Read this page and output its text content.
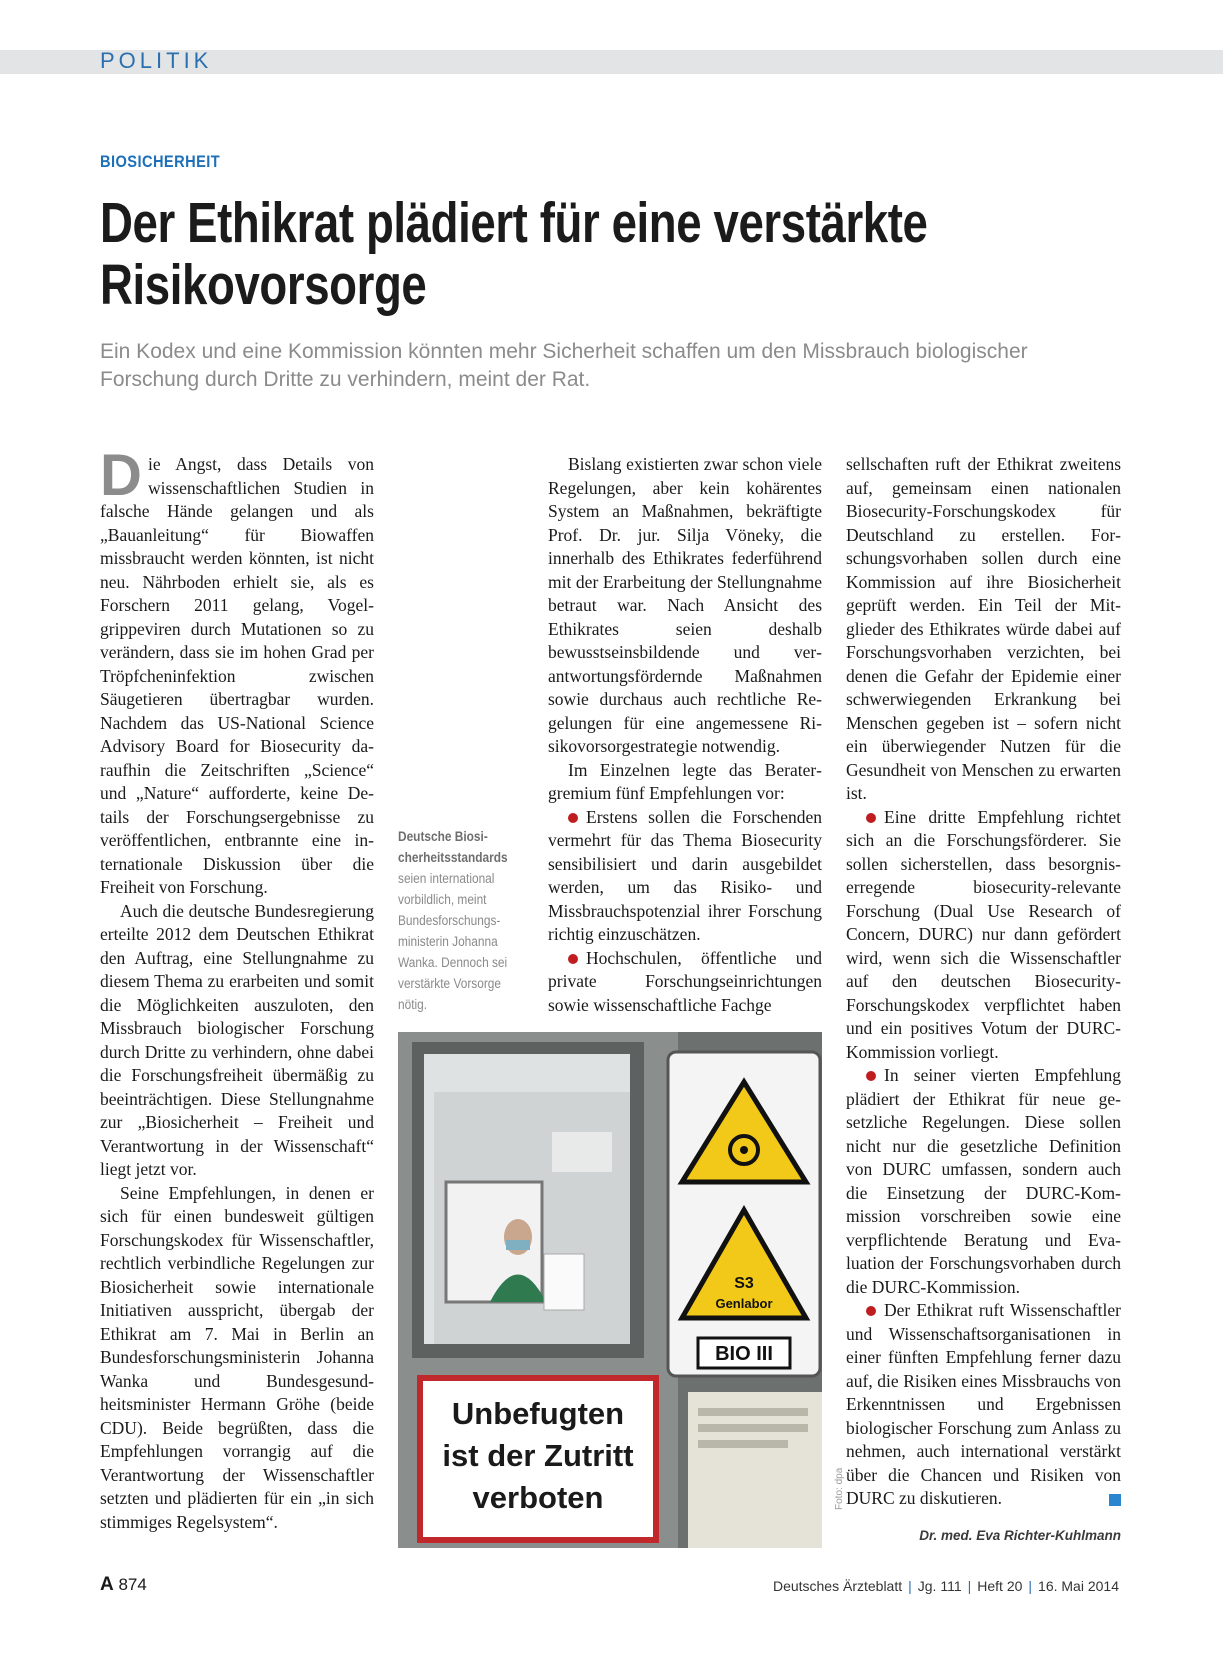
POLITIK
BIOSICHERHEIT
Der Ethikrat plädiert für eine verstärkte Risikovorsorge
Ein Kodex und eine Kommission könnten mehr Sicherheit schaffen um den Missbrauch biologischer Forschung durch Dritte zu verhindern, meint der Rat.

D ie Angst, dass Details von wissenschaftlichen Studien in falsche Hände gelangen und als „Bauanleitung“ für Biowaffen missbraucht werden könnten, ist nicht neu. Nährboden erhielt sie, als es Forschern 2011 gelang, Vogelgrippeviren durch Mutationen so zu verändern, dass sie im hohen Grad per Tröpfcheninfektion zwischen Säugetieren übertragbar wurden. Nachdem das US-National Science Advisory Board for Biosecurity daraufhin die Zeitschriften „Science“ und „Nature“ aufforderte, keine Details der Forschungsergebnisse zu veröffentlichen, entbrannte eine internationale Diskussion über die Freiheit von Forschung.

Auch die deutsche Bundesregierung erteilte 2012 dem Deutschen Ethikrat den Auftrag, eine Stellungnahme zu diesem Thema zu erarbeiten und somit die Möglichkeiten auszuloten, den Missbrauch biologischer Forschung durch Dritte zu verhindern, ohne dabei die Forschungsfreiheit übermäßig zu beeinträchtigen. Diese Stellungnahme zur „Biosicherheit – Freiheit und Verantwortung in der Wissenschaft“ liegt jetzt vor.

Seine Empfehlungen, in denen er sich für einen bundesweit gültigen Forschungskodex für Wissenschaftler, rechtlich verbindliche Regelungen zur Biosicherheit sowie internationale Initiativen ausspricht, übergab der Ethikrat am 7. Mai in Berlin an Bundesforschungsministerin Johanna Wanka und Bundesgesundheitsminister Hermann Gröhe (beide CDU). Beide begrüßten, dass die Empfehlungen vorrangig auf die Verantwortung der Wissenschaftler setzten und plädierten für ein „in sich stimmiges Regelsystem“.

Bislang existierten zwar schon viele Regelungen, aber kein kohärentes System an Maßnahmen, bekräftigte Prof. Dr. jur. Silja Vöneky, die innerhalb des Ethikrates federführend mit der Erarbeitung der Stellungnahme betraut war. Nach Ansicht des Ethikrates seien deshalb bewusstseinsbildende und verantwortungsfördernde Maßnahmen sowie durchaus auch rechtliche Regelungen für eine angemessene Risikovorsorgestrategie notwendig.

Im Einzelnen legte das Beratergremium fünf Empfehlungen vor:

Erstens sollen die Forschenden vermehrt für das Thema Biosecurity sensibilisiert und darin ausgebildet werden, um das Risiko- und Missbrauchspotenzial ihrer Forschung richtig einzuschätzen.

Hochschulen, öffentliche und private Forschungseinrichtungen sowie wissenschaftliche Fachge

sellschaften ruft der Ethikrat zweitens auf, gemeinsam einen nationalen Biosecurity-Forschungskodex für Deutschland zu erstellen. Forschungsvorhaben sollen durch eine Kommission auf ihre Biosicherheit geprüft werden. Ein Teil der Mitglieder des Ethikrates würde dabei auf Forschungsvorhaben verzichten, bei denen die Gefahr der Epidemie einer schwerwiegenden Erkrankung bei Menschen gegeben ist – sofern nicht ein überwiegender Nutzen für die Gesundheit von Menschen zu erwarten ist.

Eine dritte Empfehlung richtet sich an die Forschungsförderer. Sie sollen sicherstellen, dass besorgniserregende biosecurity-relevante Forschung (Dual Use Research of Concern, DURC) nur dann gefördert wird, wenn sich die Wissenschaftler auf den deutschen Biosecurity-Forschungskodex verpflichtet haben und ein positives Votum der DURC-Kommission vorliegt.

In seiner vierten Empfehlung plädiert der Ethikrat für neue gesetzliche Regelungen. Diese sollen nicht nur die gesetzliche Definition von DURC umfassen, sondern auch die Einsetzung der DURC-Kommission vorschreiben sowie eine verpflichtende Beratung und Evaluation der Forschungsvorhaben durch die DURC-Kommission.

Der Ethikrat ruft Wissenschaftler und Wissenschaftsorganisationen in einer fünften Empfehlung ferner dazu auf, die Risiken eines Missbrauchs von Erkenntnissen und Ergebnissen biologischer Forschung zum Anlass zu nehmen, auch international verstärkt über die Chancen und Risiken von DURC zu diskutieren.

Deutsche Biosicherheitsstandards seien international vorbildlich, meint Bundesforschungsministerin Johanna Wanka. Dennoch sei verstärkte Vorsorge nötig.
S3
Genlabor
BIO III
Unbefugten
ist der Zutritt
verboten	Foto: dpa
Dr. med. Eva Richter-Kuhlmann
A 874	Deutsches Ärzteblatt | Jg. 111 | Heft 20 | 16. Mai 2014
